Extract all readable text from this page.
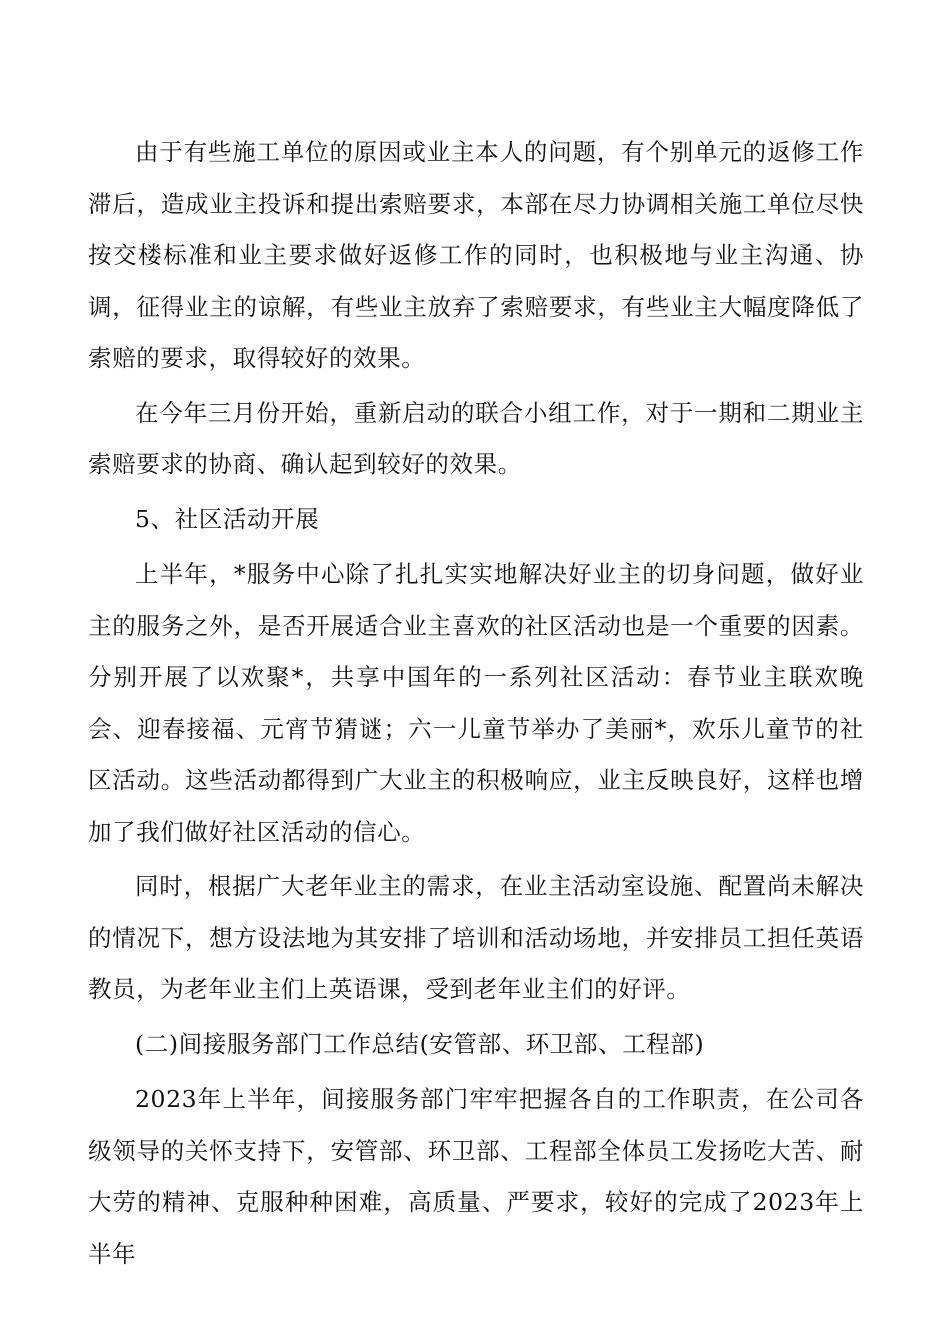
由于有些施工单位的原因或业主本人的问题，有个别单元的返修工作滞后，造成业主投诉和提出索赔要求，本部在尽力协调相关施工单位尽快按交楼标准和业主要求做好返修工作的同时，也积极地与业主沟通、协调，征得业主的谅解，有些业主放弃了索赔要求，有些业主大幅度降低了索赔的要求，取得较好的效果。

在今年三月份开始，重新启动的联合小组工作，对于一期和二期业主索赔要求的协商、确认起到较好的效果。

5、社区活动开展

上半年，*服务中心除了扎扎实实地解决好业主的切身问题，做好业主的服务之外，是否开展适合业主喜欢的社区活动也是一个重要的因素。分别开展了以欢聚*，共享中国年的一系列社区活动：春节业主联欢晚会、迎春接福、元宵节猜谜；六一儿童节举办了美丽*，欢乐儿童节的社区活动。这些活动都得到广大业主的积极响应，业主反映良好，这样也增加了我们做好社区活动的信心。

同时，根据广大老年业主的需求，在业主活动室设施、配置尚未解决的情况下，想方设法地为其安排了培训和活动场地，并安排员工担任英语教员，为老年业主们上英语课，受到老年业主们的好评。

(二)间接服务部门工作总结(安管部、环卫部、工程部)

2023年上半年，间接服务部门牢牢把握各自的工作职责，在公司各级领导的关怀支持下，安管部、环卫部、工程部全体员工发扬吃大苦、耐大劳的精神、克服种种困难，高质量、严要求，较好的完成了2023年上半年
